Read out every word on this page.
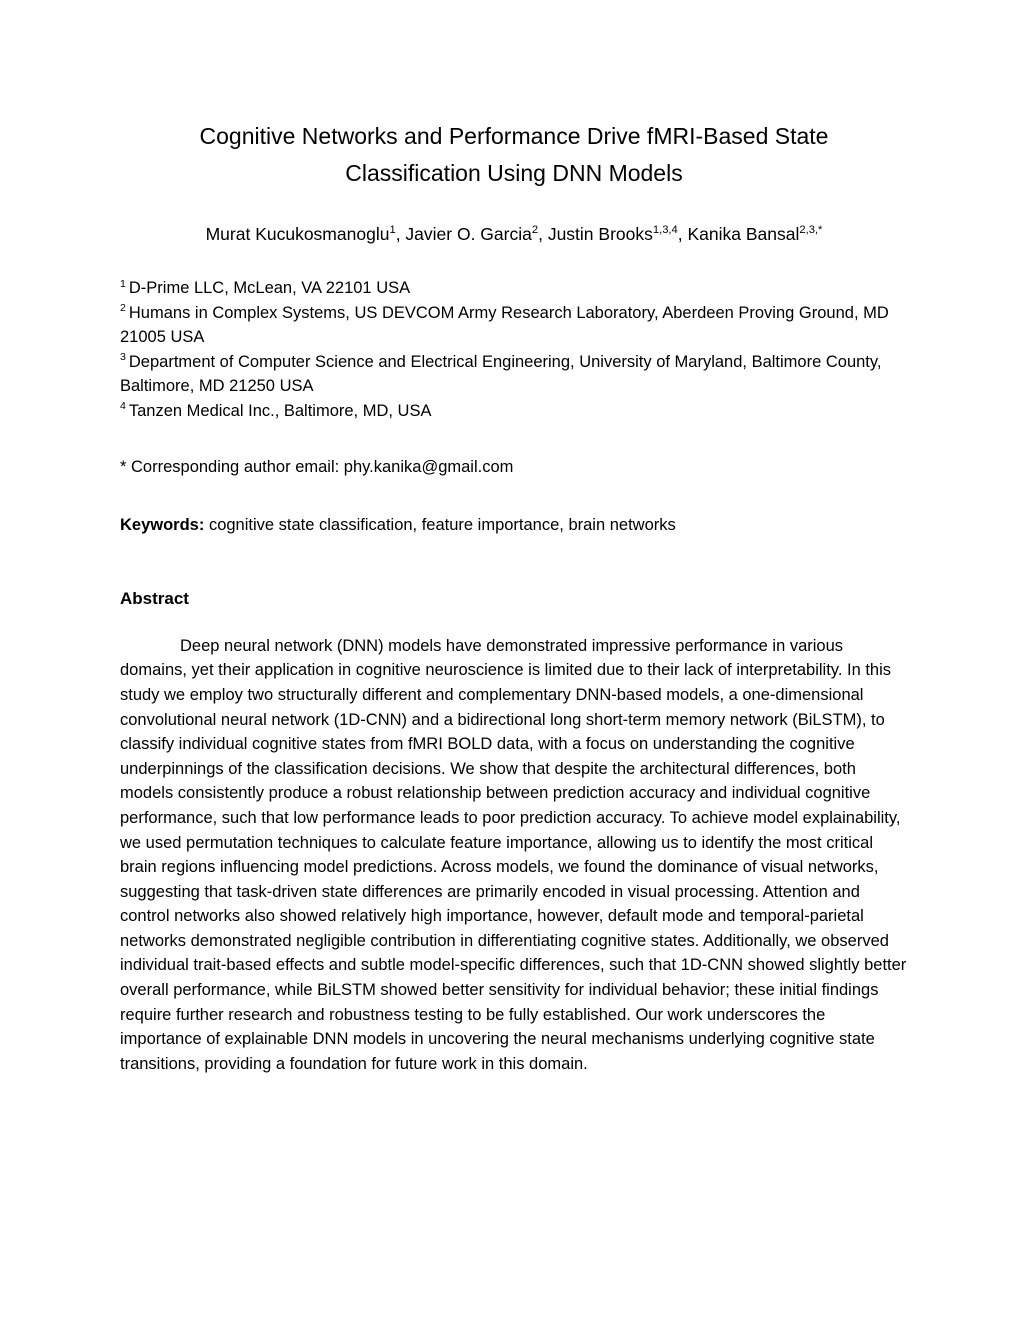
Cognitive Networks and Performance Drive fMRI-Based State
Classification Using DNN Models
Murat Kucukosmanoglu$^1$, Javier O. Garcia$^2$, Justin Brooks$^{1,3,4}$, Kanika Bansal$^{2,3,*}$
$^1$ D-Prime LLC, McLean, VA 22101 USA
$^2$ Humans in Complex Systems, US DEVCOM Army Research Laboratory, Aberdeen Proving Ground, MD 21005 USA
$^3$ Department of Computer Science and Electrical Engineering, University of Maryland, Baltimore County, Baltimore, MD 21250 USA
$^4$ Tanzen Medical Inc., Baltimore, MD, USA

* Corresponding author email: phy.kanika@gmail.com

Keywords: cognitive state classification, feature importance, brain networks

Abstract

Deep neural network (DNN) models have demonstrated impressive performance in various domains, yet their application in cognitive neuroscience is limited due to their lack of interpretability. In this study we employ two structurally different and complementary DNN-based models, a one-dimensional convolutional neural network (1D-CNN) and a bidirectional long short-term memory network (BiLSTM), to classify individual cognitive states from fMRI BOLD data, with a focus on understanding the cognitive underpinnings of the classification decisions. We show that despite the architectural differences, both models consistently produce a robust relationship between prediction accuracy and individual cognitive performance, such that low performance leads to poor prediction accuracy. To achieve model explainability, we used permutation techniques to calculate feature importance, allowing us to identify the most critical brain regions influencing model predictions. Across models, we found the dominance of visual networks, suggesting that task-driven state differences are primarily encoded in visual processing. Attention and control networks also showed relatively high importance, however, default mode and temporal-parietal networks demonstrated negligible contribution in differentiating cognitive states. Additionally, we observed individual trait-based effects and subtle model-specific differences, such that 1D-CNN showed slightly better overall performance, while BiLSTM showed better sensitivity for individual behavior; these initial findings require further research and robustness testing to be fully established. Our work underscores the importance of explainable DNN models in uncovering the neural mechanisms underlying cognitive state transitions, providing a foundation for future work in this domain.
